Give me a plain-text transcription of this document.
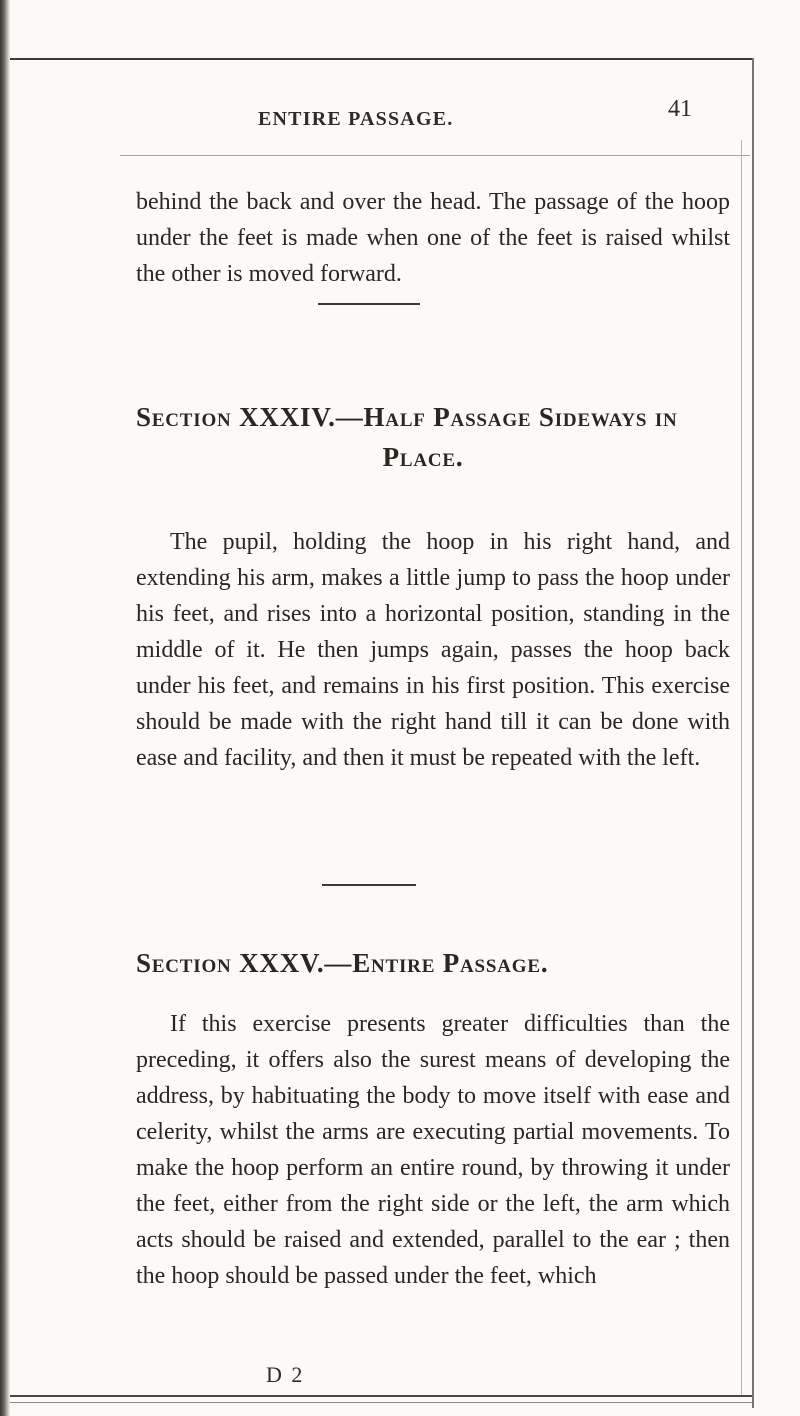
ENTIRE PASSAGE.	41

behind the back and over the head. The passage of the hoop under the feet is made when one of the feet is raised whilst the other is moved forward.

Section XXXIV.—Half Passage Sideways in
Place.

The pupil, holding the hoop in his right hand, and extending his arm, makes a little jump to pass the hoop under his feet, and rises into a horizontal position, standing in the middle of it. He then jumps again, passes the hoop back under his feet, and remains in his first position. This exercise should be made with the right hand till it can be done with ease and facility, and then it must be repeated with the left.

Section XXXV.—Entire Passage.

If this exercise presents greater difficulties than the preceding, it offers also the surest means of developing the address, by habituating the body to move itself with ease and celerity, whilst the arms are executing partial movements. To make the hoop perform an entire round, by throwing it under the feet, either from the right side or the left, the arm which acts should be raised and extended, parallel to the ear ; then the hoop should be passed under the feet, which

D 2
